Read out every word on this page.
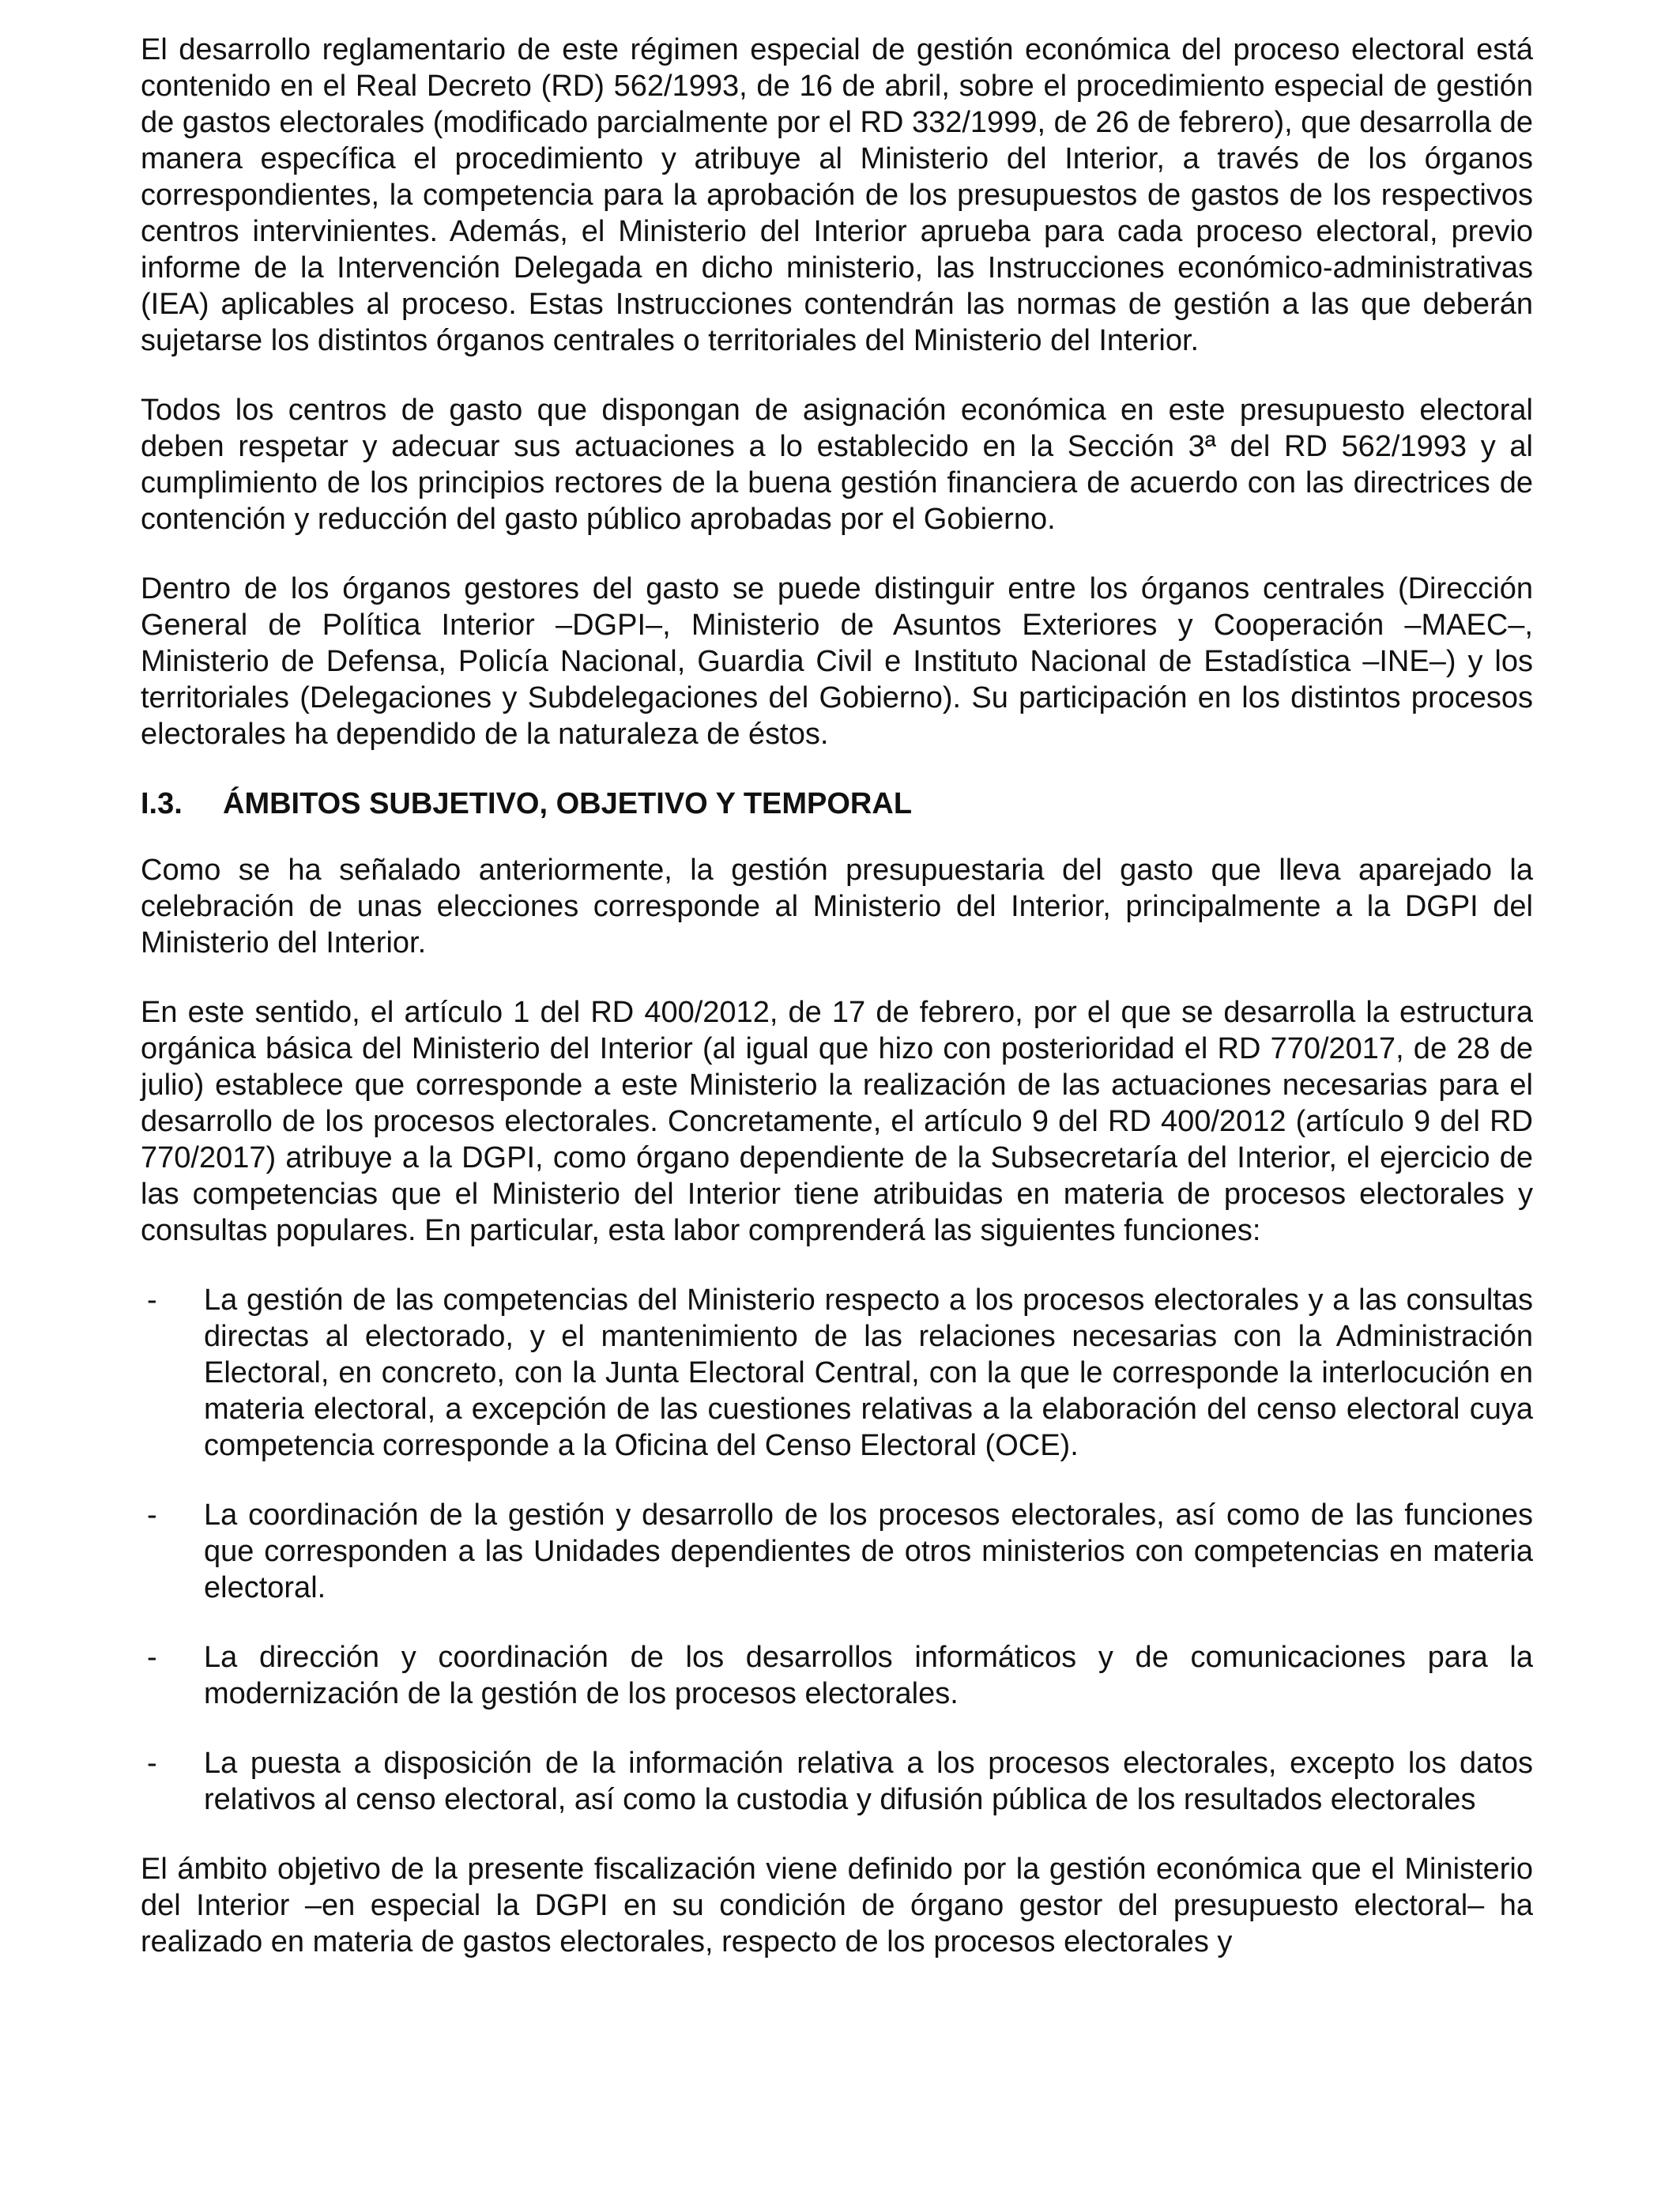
El desarrollo reglamentario de este régimen especial de gestión económica del proceso electoral está contenido en el Real Decreto (RD) 562/1993, de 16 de abril, sobre el procedimiento especial de gestión de gastos electorales (modificado parcialmente por el RD 332/1999, de 26 de febrero), que desarrolla de manera específica el procedimiento y atribuye al Ministerio del Interior, a través de los órganos correspondientes, la competencia para la aprobación de los presupuestos de gastos de los respectivos centros intervinientes. Además, el Ministerio del Interior aprueba para cada proceso electoral, previo informe de la Intervención Delegada en dicho ministerio, las Instrucciones económico-administrativas (IEA) aplicables al proceso. Estas Instrucciones contendrán las normas de gestión a las que deberán sujetarse los distintos órganos centrales o territoriales del Ministerio del Interior.

Todos los centros de gasto que dispongan de asignación económica en este presupuesto electoral deben respetar y adecuar sus actuaciones a lo establecido en la Sección 3ª del RD 562/1993 y al cumplimiento de los principios rectores de la buena gestión financiera de acuerdo con las directrices de contención y reducción del gasto público aprobadas por el Gobierno.

Dentro de los órganos gestores del gasto se puede distinguir entre los órganos centrales (Dirección General de Política Interior –DGPI–, Ministerio de Asuntos Exteriores y Cooperación –MAEC–, Ministerio de Defensa, Policía Nacional, Guardia Civil e Instituto Nacional de Estadística –INE–) y los territoriales (Delegaciones y Subdelegaciones del Gobierno). Su participación en los distintos procesos electorales ha dependido de la naturaleza de éstos.

I.3.	ÁMBITOS SUBJETIVO, OBJETIVO Y TEMPORAL

Como se ha señalado anteriormente, la gestión presupuestaria del gasto que lleva aparejado la celebración de unas elecciones corresponde al Ministerio del Interior, principalmente a la DGPI del Ministerio del Interior.

En este sentido, el artículo 1 del RD 400/2012, de 17 de febrero, por el que se desarrolla la estructura orgánica básica del Ministerio del Interior (al igual que hizo con posterioridad el RD 770/2017, de 28 de julio) establece que corresponde a este Ministerio la realización de las actuaciones necesarias para el desarrollo de los procesos electorales. Concretamente, el artículo 9 del RD 400/2012 (artículo 9 del RD 770/2017) atribuye a la DGPI, como órgano dependiente de la Subsecretaría del Interior, el ejercicio de las competencias que el Ministerio del Interior tiene atribuidas en materia de procesos electorales y consultas populares. En particular, esta labor comprenderá las siguientes funciones:

-	La gestión de las competencias del Ministerio respecto a los procesos electorales y a las consultas directas al electorado, y el mantenimiento de las relaciones necesarias con la Administración Electoral, en concreto, con la Junta Electoral Central, con la que le corresponde la interlocución en materia electoral, a excepción de las cuestiones relativas a la elaboración del censo electoral cuya competencia corresponde a la Oficina del Censo Electoral (OCE).

-	La coordinación de la gestión y desarrollo de los procesos electorales, así como de las funciones que corresponden a las Unidades dependientes de otros ministerios con competencias en materia electoral.

-	La dirección y coordinación de los desarrollos informáticos y de comunicaciones para la modernización de la gestión de los procesos electorales.

-	La puesta a disposición de la información relativa a los procesos electorales, excepto los datos relativos al censo electoral, así como la custodia y difusión pública de los resultados electorales

El ámbito objetivo de la presente fiscalización viene definido por la gestión económica que el Ministerio del Interior –en especial la DGPI en su condición de órgano gestor del presupuesto electoral– ha realizado en materia de gastos electorales, respecto de los procesos electorales y
